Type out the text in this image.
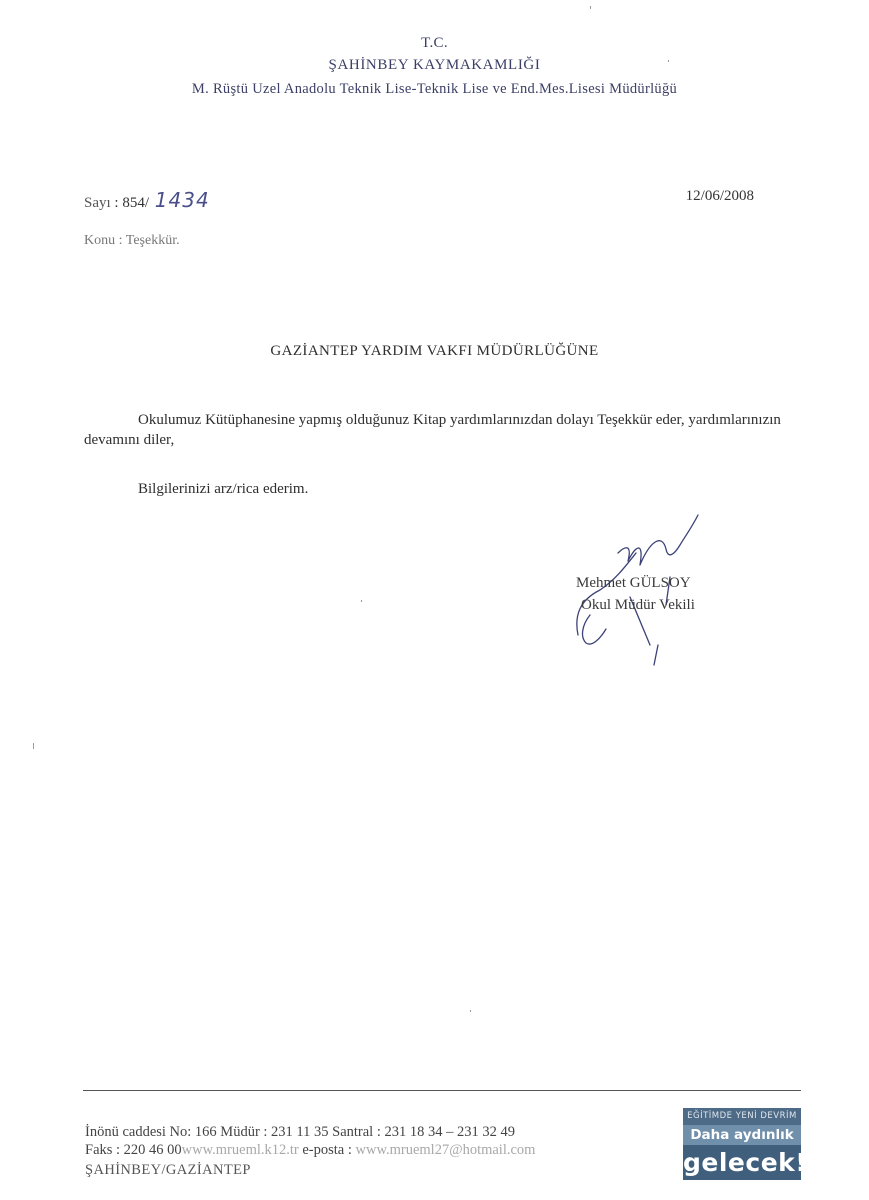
T.C.
ŞAHİNBEY KAYMAKAMLIĞI
M. Rüştü Uzel Anadolu Teknik Lise-Teknik Lise ve End.Mes.Lisesi Müdürlüğü
Sayı : 854/ 1434	12/06/2008
Konu : Teşekkür.
GAZİANTEP YARDIM VAKFI MÜDÜRLÜĞÜNE
Okulumuz Kütüphanesine yapmış olduğunuz Kitap yardımlarınızdan dolayı Teşekkür eder, yardımlarınızın devamını diler,
Bilgilerinizi arz/rica ederim.
Mehmet GÜLSOY
Okul Müdür Vekili
İnönü caddesi No: 166 Müdür : 231 11 35 Santral : 231 18 34 – 231 32 49
Faks : 220 46 00www.mrueml.k12.tr e-posta : www.mrueml27@hotmail.com
ŞAHİNBEY/GAZİANTEP
EĞİTİMDE YENİ DEVRİM
Daha aydınlık
gelecek!
